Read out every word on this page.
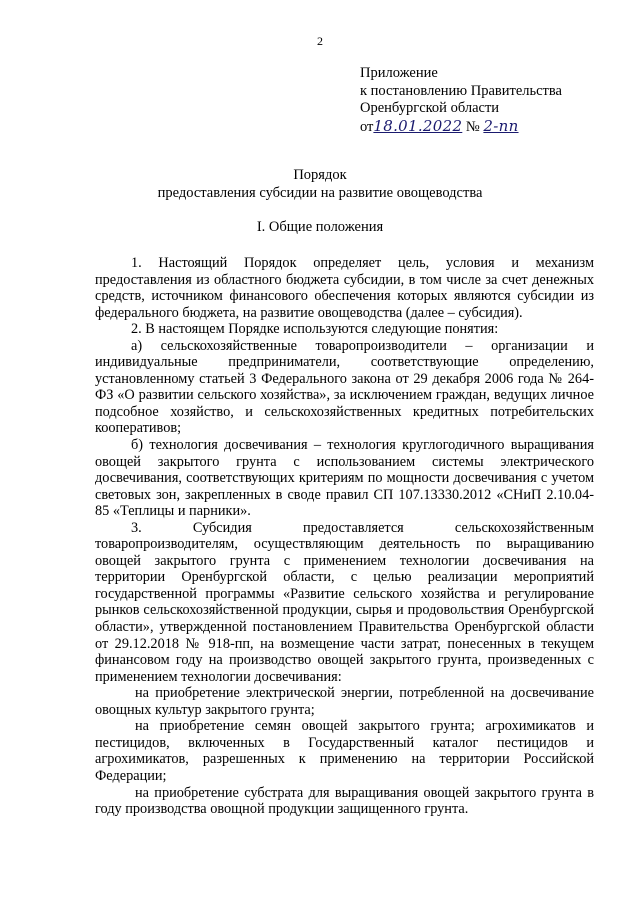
2
Приложение
к постановлению Правительства
Оренбургской области
от18.01.2022 № 2-пп
Порядок
предоставления субсидии на развитие овощеводства
I. Общие положения

1. Настоящий Порядок определяет цель, условия и механизм предоставления из областного бюджета субсидии, в том числе за счет денежных средств, источником финансового обеспечения которых являются субсидии из федерального бюджета, на развитие овощеводства (далее – субсидия).

2. В настоящем Порядке используются следующие понятия:

а) сельскохозяйственные товаропроизводители – организации и индивидуальные предприниматели, соответствующие определению, установленному статьей 3 Федерального закона от 29 декабря 2006 года № 264-ФЗ «О развитии сельского хозяйства», за исключением граждан, ведущих личное подсобное хозяйство, и сельскохозяйственных кредитных потребительских кооперативов;

б) технология досвечивания – технология круглогодичного выращивания овощей закрытого грунта с использованием системы электрического досвечивания, соответствующих критериям по мощности досвечивания с учетом световых зон, закрепленных в своде правил СП 107.13330.2012 «СНиП 2.10.04-85 «Теплицы и парники».

3. Субсидия предоставляется сельскохозяйственным товаропроизводителям, осуществляющим деятельность по выращиванию овощей закрытого грунта с применением технологии досвечивания на территории Оренбургской области, с целью реализации мероприятий государственной программы «Развитие сельского хозяйства и регулирование рынков сельскохозяйственной продукции, сырья и продовольствия Оренбургской области», утвержденной постановлением Правительства Оренбургской области от 29.12.2018 № 918-пп, на возмещение части затрат, понесенных в текущем финансовом году на производство овощей закрытого грунта, произведенных с применением технологии досвечивания:

на приобретение электрической энергии, потребленной на досвечивание овощных культур закрытого грунта;

на приобретение семян овощей закрытого грунта; агрохимикатов и пестицидов, включенных в Государственный каталог пестицидов и агрохимикатов, разрешенных к применению на территории Российской Федерации;

на приобретение субстрата для выращивания овощей закрытого грунта в году производства овощной продукции защищенного грунта.
